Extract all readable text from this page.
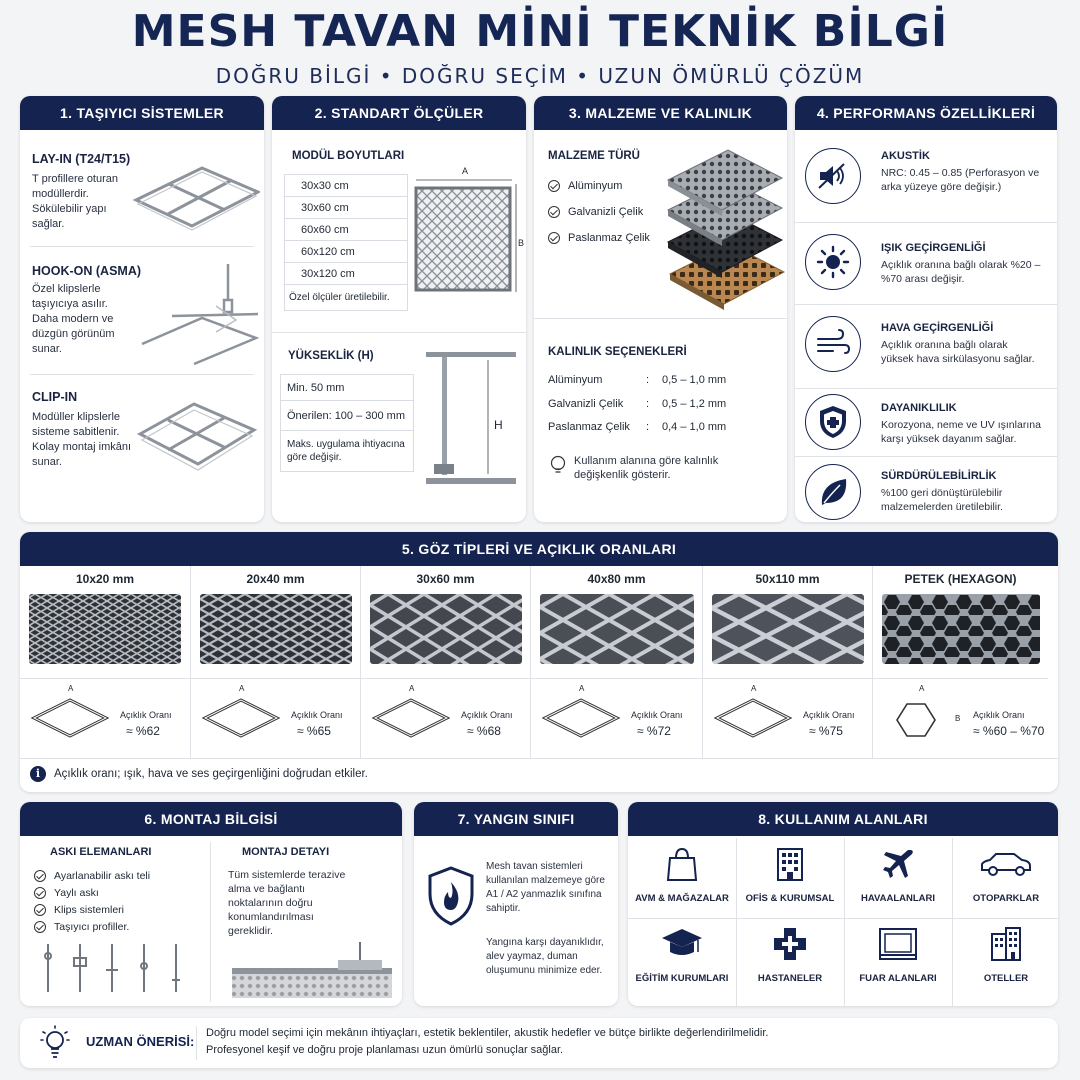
MESH TAVAN MİNİ TEKNİK BİLGİ
DOĞRU BİLGİ • DOĞRU SEÇİM • UZUN ÖMÜRLÜ ÇÖZÜM
1. TAŞIYICI SİSTEMLER
LAY-IN (T24/T15)
T profillere oturan modüllerdir. Sökülebilir yapı sağlar.
HOOK-ON (ASMA)
Özel klipslerle taşıyıcıya asılır. Daha modern ve düzgün görünüm sunar.
CLIP-IN
Modüller klipslerle sisteme sabitlenir. Kolay montaj imkânı sunar.
2. STANDART ÖLÇÜLER
MODÜL BOYUTLARI
30x30 cm
30x60 cm
60x60 cm
60x120 cm
30x120 cm
Özel ölçüler üretilebilir.
A
B
YÜKSEKLİK (H)
Min. 50 mm
Önerilen: 100 – 300 mm
Maks. uygulama ihtiyacına göre değişir.
H
3. MALZEME VE KALINLIK
MALZEME TÜRÜ
Alüminyum
Galvanizli Çelik
Paslanmaz Çelik
KALINLIK SEÇENEKLERİ
Alüminyum	: 0,5 – 1,0 mm
Galvanizli Çelik : 0,5 – 1,2 mm
Paslanmaz Çelik : 0,4 – 1,0 mm
Kullanım alanına göre kalınlık değişkenlik gösterir.
4. PERFORMANS ÖZELLİKLERİ
AKUSTİK
NRC: 0.45 – 0.85 (Perforasyon ve arka yüzeye göre değişir.)
IŞIK GEÇİRGENLİĞİ
Açıklık oranına bağlı olarak %20 – %70 arası değişir.
HAVA GEÇİRGENLİĞİ
Açıklık oranına bağlı olarak yüksek hava sirkülasyonu sağlar.
DAYANIKLILIK
Korozyona, neme ve UV ışınlarına karşı yüksek dayanım sağlar.
SÜRDÜRÜLEBİLİRLİK
%100 geri dönüştürülebilir malzemelerden üretilebilir.
5. GÖZ TİPLERİ VE AÇIKLIK ORANLARI
10x20 mm
A
Açıklık Oranı
≈ %62
20x40 mm
A
Açıklık Oranı
≈ %65
30x60 mm
A
Açıklık Oranı
≈ %68
40x80 mm
A
Açıklık Oranı
≈ %72
50x110 mm
A
Açıklık Oranı
≈ %75
PETEK (HEXAGON)
A
B Açıklık Oranı
≈ %60 – %70
i	Açıklık oranı; ışık, hava ve ses geçirgenliğini doğrudan etkiler.
6. MONTAJ BİLGİSİ
ASKI ELEMANLARI
Ayarlanabilir askı teli
Yaylı askı
Klips sistemleri
Taşıyıcı profiller.
MONTAJ DETAYI
Tüm sistemlerde terazive alma ve bağlantı noktalarının doğru konumlandırılması gereklidir.
7. YANGIN SINIFI
Mesh tavan sistemleri kullanılan malzemeye göre A1 / A2 yanmazlık sınıfına sahiptir.
Yangına karşı dayanıklıdır, alev yaymaz, duman oluşumunu minimize eder.
8. KULLANIM ALANLARI
AVM & MAĞAZALAR	OFİS & KURUMSAL	HAVAALANLARI	OTOPARKLAR
EĞİTİM KURUMLARI	HASTANELER	FUAR ALANLARI	OTELLER
UZMAN ÖNERİSİ:
Doğru model seçimi için mekânın ihtiyaçları, estetik beklentiler, akustik hedefler ve bütçe birlikte değerlendirilmelidir.
Profesyonel keşif ve doğru proje planlaması uzun ömürlü sonuçlar sağlar.
